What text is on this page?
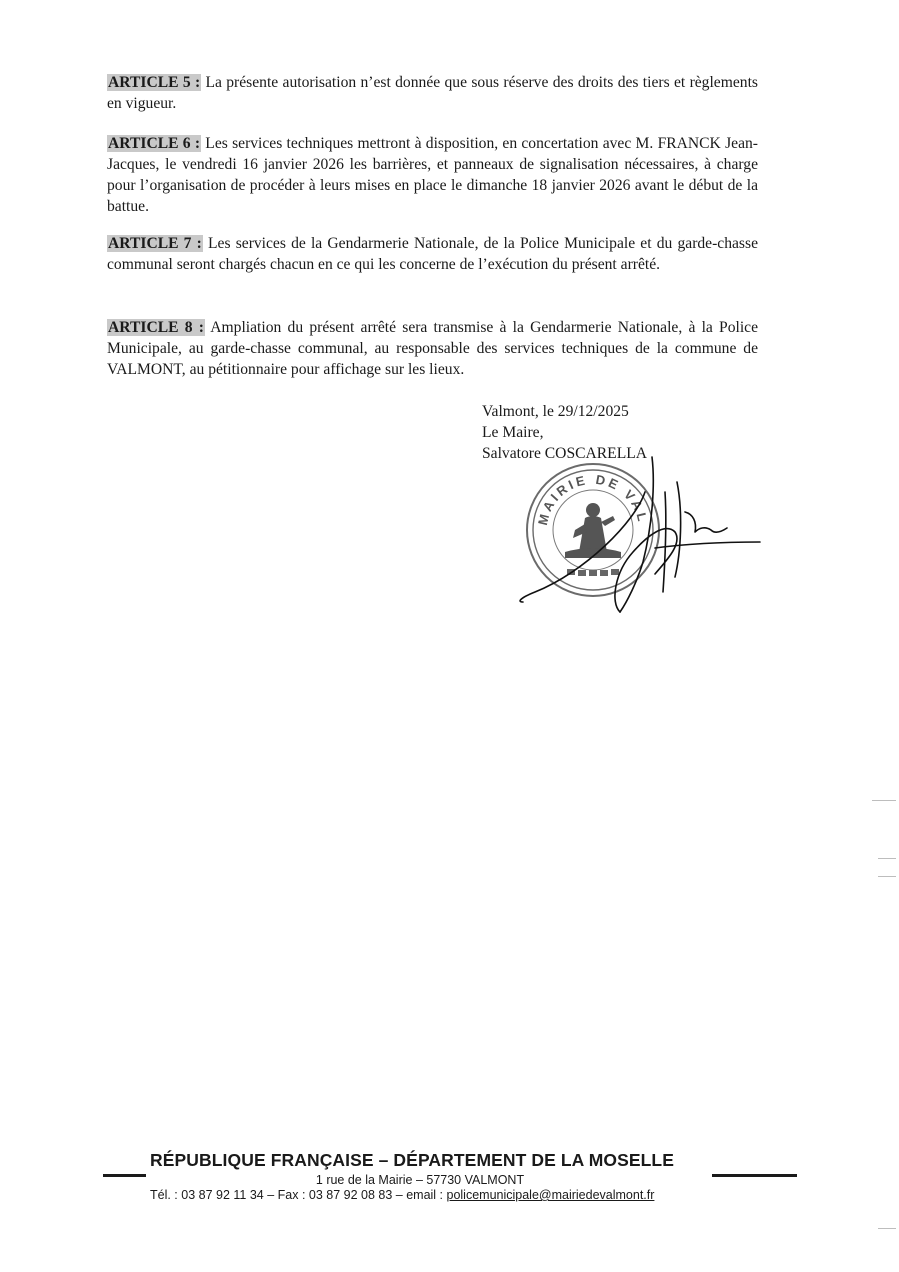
ARTICLE 5 : La présente autorisation n’est donnée que sous réserve des droits des tiers et règlements en vigueur.
ARTICLE 6 : Les services techniques mettront à disposition, en concertation avec M. FRANCK Jean-Jacques, le vendredi 16 janvier 2026 les barrières, et panneaux de signalisation nécessaires, à charge pour l’organisation de procéder à leurs mises en place le dimanche 18 janvier 2026 avant le début de la battue.
ARTICLE 7 : Les services de la Gendarmerie Nationale, de la Police Municipale et du garde-chasse communal seront chargés chacun en ce qui les concerne de l’exécution du présent arrêté.
ARTICLE 8 : Ampliation du présent arrêté sera transmise à la Gendarmerie Nationale, à la Police Municipale, au garde-chasse communal, au responsable des services techniques de la commune de VALMONT, au pétitionnaire pour affichage sur les lieux.
Valmont, le 29/12/2025
Le Maire,
Salvatore COSCARELLA
MAIRIE DE VAL
RÉPUBLIQUE FRANÇAISE – DÉPARTEMENT DE LA MOSELLE
1 rue de la Mairie – 57730 VALMONT
Tél. : 03 87 92 11 34 – Fax : 03 87 92 08 83 – email : policemunicipale@mairiedevalmont.fr
